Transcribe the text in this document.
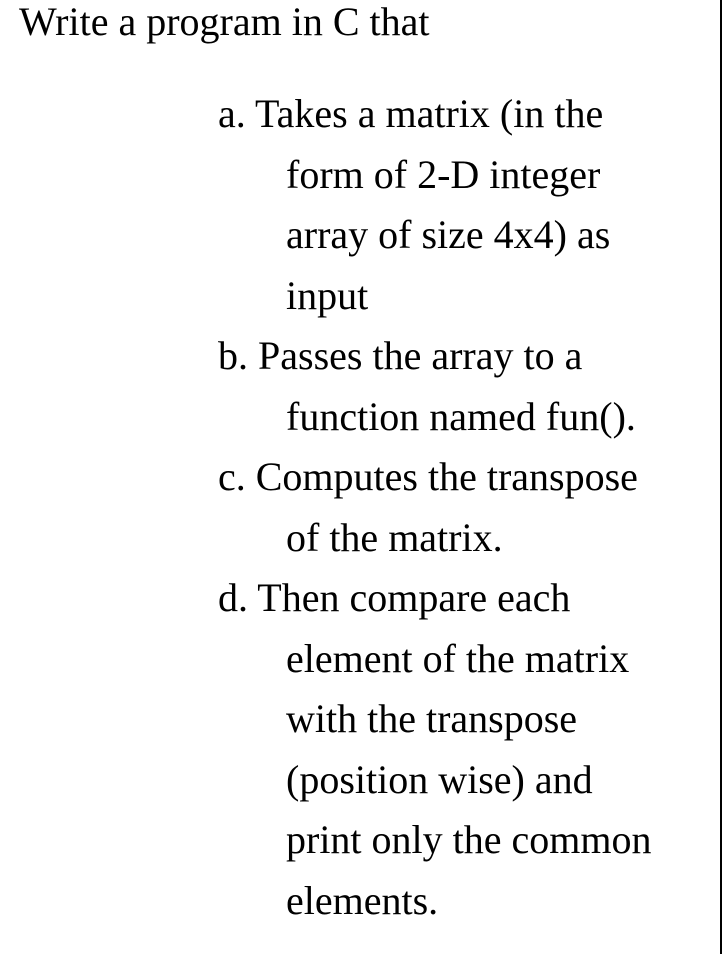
Write a program in C that
a. Takes a matrix (in the
form of 2-D integer
array of size 4x4) as
input
b. Passes the array to a
function named fun().
c. Computes the transpose
of the matrix.
d. Then compare each
element of the matrix
with the transpose
(position wise) and
print only the common
elements.
